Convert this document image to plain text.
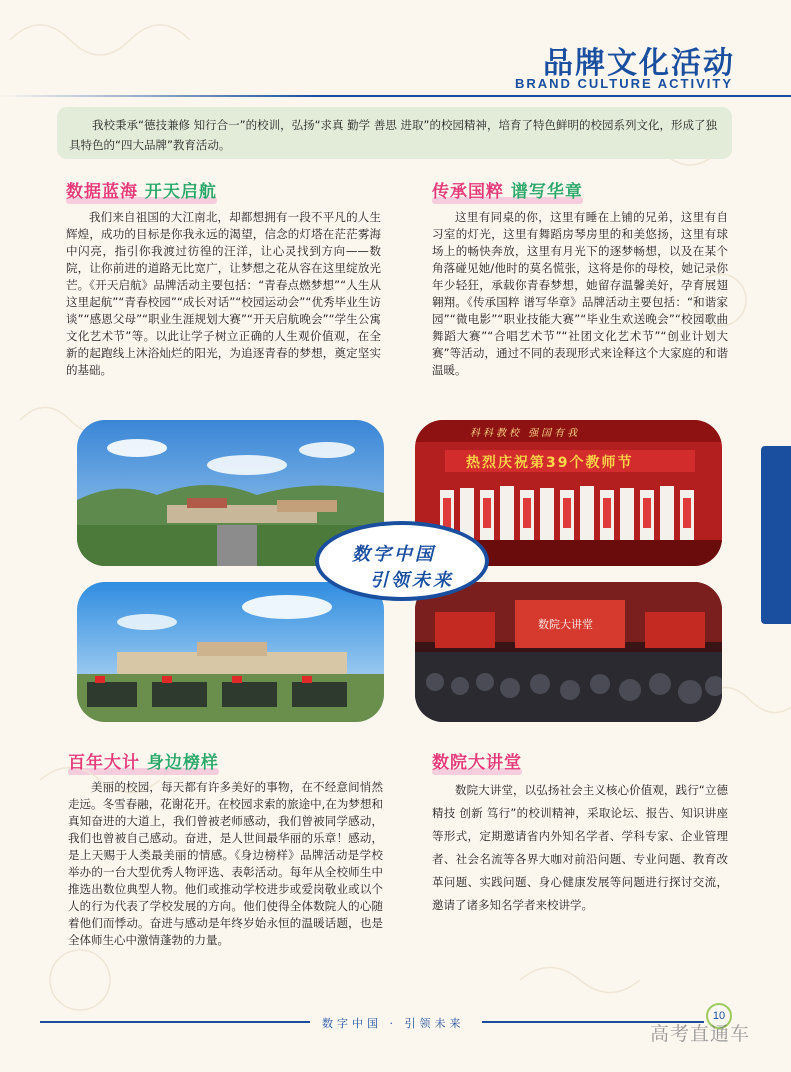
品牌文化活动
BRAND CULTURE ACTIVITY
我校秉承“德技兼修 知行合一”的校训，弘扬“求真 勤学 善思 进取”的校园精神，培育了特色鲜明的校园系列文化，形成了独具特色的“四大品牌”教育活动。
数据蓝海 开天启航
我们来自祖国的大江南北，却都想拥有一段不平凡的人生辉煌，成功的目标是你我永远的渴望，信念的灯塔在茫茫雾海中闪亮，指引你我渡过彷徨的汪洋，让心灵找到方向——数院，让你前进的道路无比宽广，让梦想之花从容在这里绽放光芒。《开天启航》品牌活动主要包括：“青春点燃梦想”“人生从这里起航”“青春校园”“成长对话”“校园运动会”“优秀毕业生访谈”“感恩父母”“职业生涯规划大赛”“开天启航晚会”“学生公寓文化艺术节”等。以此让学子树立正确的人生观价值观，在全新的起跑线上沐浴灿烂的阳光，为追逐青春的梦想，奠定坚实的基础。
传承国粹 谱写华章
这里有同桌的你，这里有睡在上铺的兄弟，这里有自习室的灯光，这里有舞蹈房琴房里的和美悠扬，这里有球场上的畅快奔放，这里有月光下的逐梦畅想，以及在某个角落碰见她/他时的莫名慌张，这将是你的母校，她记录你年少轻狂，承载你青春梦想，她留存温馨美好，孕育展翅翱翔。《传承国粹 谱写华章》品牌活动主要包括：“和谐家园”“微电影”“职业技能大赛”“毕业生欢送晚会”“校园歌曲舞蹈大赛”“合唱艺术节”“社团文化艺术节”“创业计划大赛”等活动，通过不同的表现形式来诠释这个大家庭的和谐温暖。
科科教校 强国有我
热烈庆祝第39个教师节
数院大讲堂
数字中国
引领未来
百年大计 身边榜样
美丽的校园，每天都有许多美好的事物，在不经意间悄然走远。冬雪春融，花谢花开。在校园求索的旅途中,在为梦想和真知奋进的大道上，我们曾被老师感动，我们曾被同学感动，我们也曾被自己感动。奋进，是人世间最华丽的乐章！感动，是上天赐于人类最美丽的情感。《身边榜样》品牌活动是学校举办的一台大型优秀人物评选、表彰活动。每年从全校师生中推选出数位典型人物。他们或推动学校进步或爱岗敬业或以个人的行为代表了学校发展的方向。他们使得全体数院人的心随着他们而悸动。奋进与感动是年终岁始永恒的温暖话题，也是全体师生心中激情蓬勃的力量。
数院大讲堂
数院大讲堂，以弘扬社会主义核心价值观，践行“立德 精技 创新 笃行”的校训精神，采取论坛、报告、知识讲座等形式，定期邀请省内外知名学者、学科专家、企业管理者、社会名流等各界大咖对前沿问题、专业问题、教育改革问题、实践问题、身心健康发展等问题进行探讨交流，邀请了诸多知名学者来校讲学。
数字中国 · 引领未来
10
高考直通车
